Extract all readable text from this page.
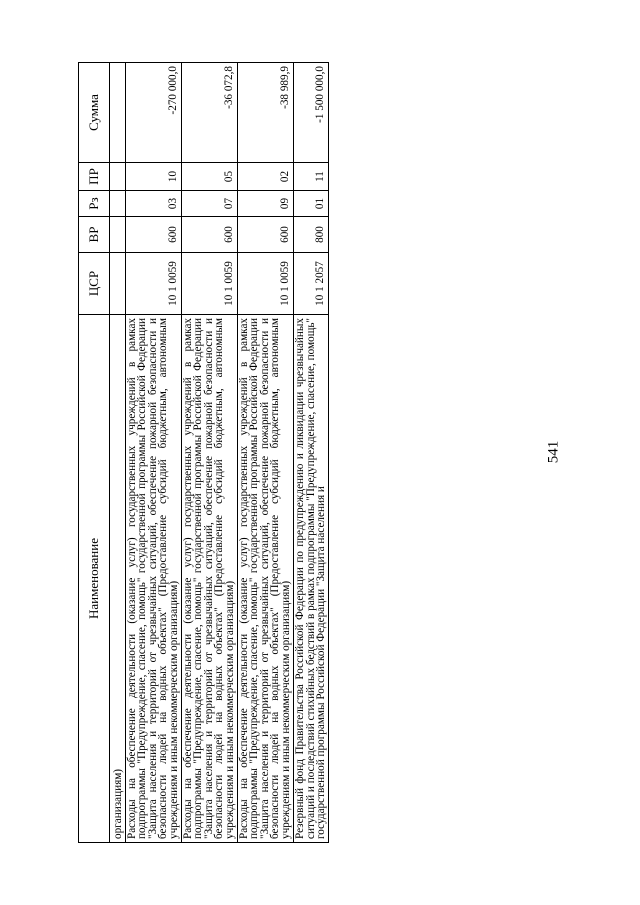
541
Наименование	ЦСР	ВР	Рз	ПР	Сумма
организациям)					
Расходы на обеспечение деятельности (оказание услуг) государственных учреждений в рамках подпрограммы "Предупреждение, спасение, помощь" государственной программы Российской Федерации "Защита населения и территорий от чрезвычайных ситуаций, обеспечение пожарной безопасности и безопасности людей на водных объектах" (Предоставление субсидий бюджетным, автономным учреждениям и иным некоммерческим организациям)	10 1 0059	600	03	10	-270 000,0
Расходы на обеспечение деятельности (оказание услуг) государственных учреждений в рамках подпрограммы "Предупреждение, спасение, помощь" государственной программы Российской Федерации "Защита населения и территорий от чрезвычайных ситуаций, обеспечение пожарной безопасности и безопасности людей на водных объектах" (Предоставление субсидий бюджетным, автономным учреждениям и иным некоммерческим организациям)	10 1 0059	600	07	05	-36 072,8
Расходы на обеспечение деятельности (оказание услуг) государственных учреждений в рамках подпрограммы "Предупреждение, спасение, помощь" государственной программы Российской Федерации "Защита населения и территорий от чрезвычайных ситуаций, обеспечение пожарной безопасности и безопасности людей на водных объектах" (Предоставление субсидий бюджетным, автономным учреждениям и иным некоммерческим организациям)	10 1 0059	600	09	02	-38 989,9
Резервный фонд Правительства Российской Федерации по предупреждению и ликвидации чрезвычайных ситуаций и последствий стихийных бедствий в рамках подпрограммы "Предупреждение, спасение, помощь" государственной программы Российской Федерации "Защита населения и	10 1 2057	800	01	11	-1 500 000,0
